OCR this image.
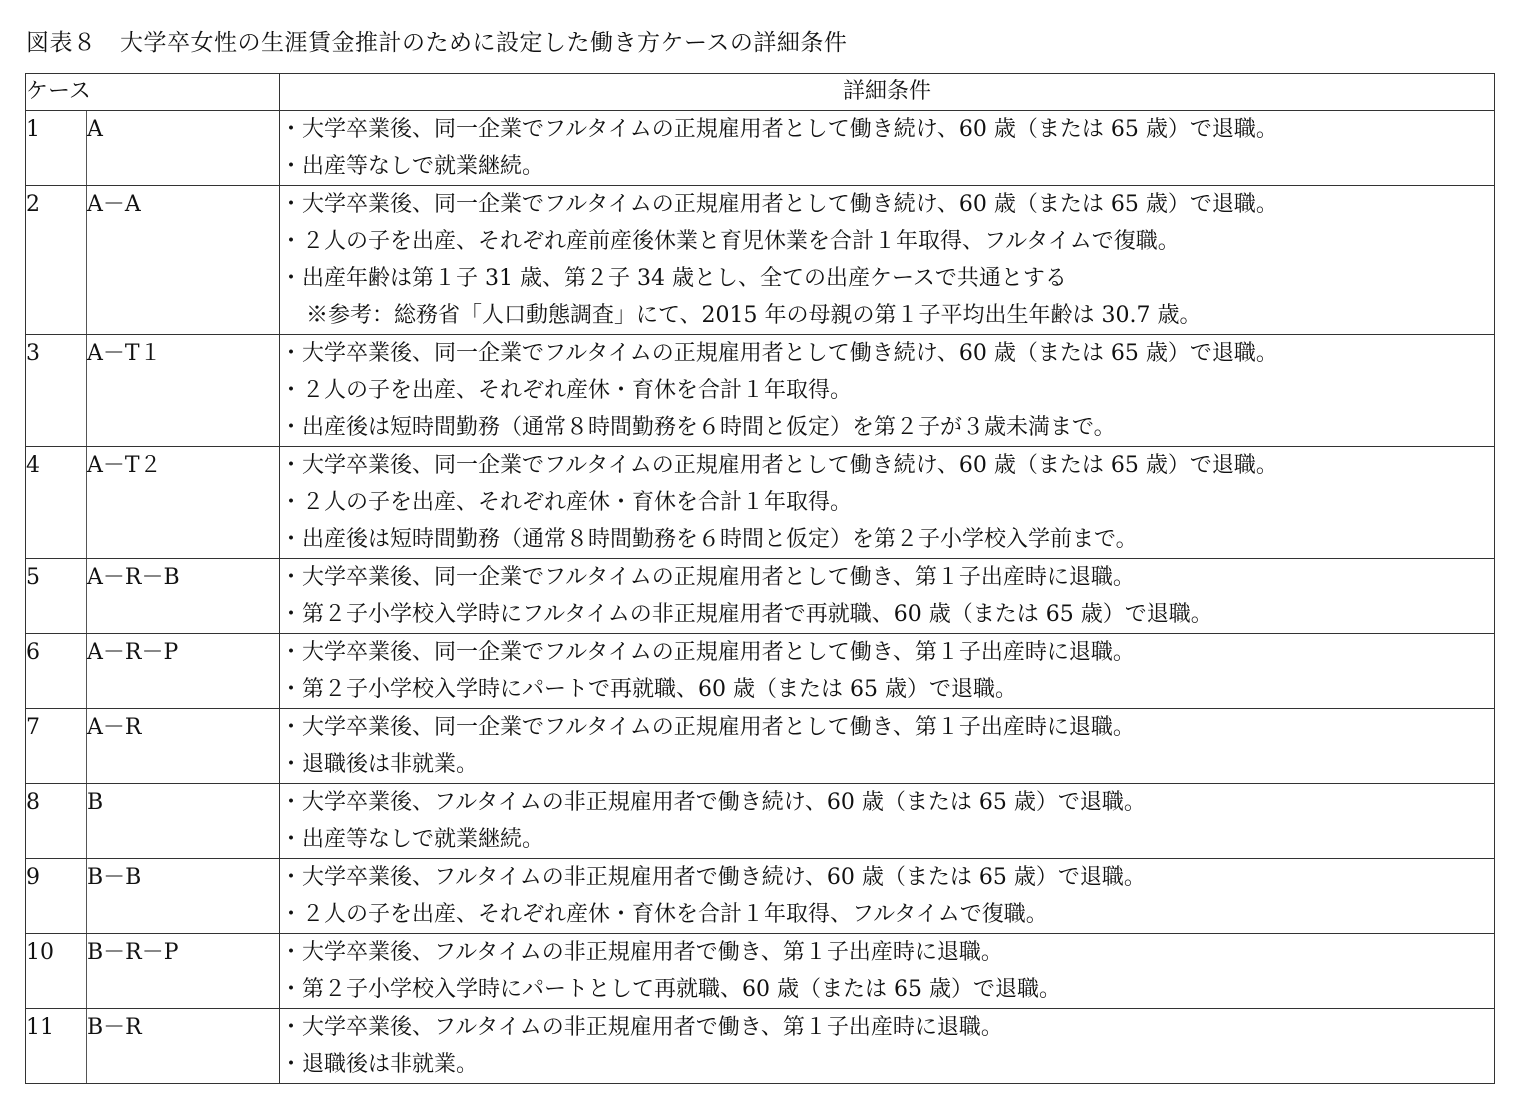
図表８　大学卒女性の生涯賃金推計のために設定した働き方ケースの詳細条件
ケース		詳細条件
1	A	・大学卒業後、同一企業でフルタイムの正規雇用者として働き続け、60 歳（または 65 歳）で退職。
・出産等なしで就業継続。

2	A－A	・大学卒業後、同一企業でフルタイムの正規雇用者として働き続け、60 歳（または 65 歳）で退職。
・２人の子を出産、それぞれ産前産後休業と育児休業を合計１年取得、フルタイムで復職。
・出産年齢は第１子 31 歳、第２子 34 歳とし、全ての出産ケースで共通とする
※参考：総務省「人口動態調査」にて、2015 年の母親の第１子平均出生年齢は 30.7 歳。

3	A－T１	・大学卒業後、同一企業でフルタイムの正規雇用者として働き続け、60 歳（または 65 歳）で退職。
・２人の子を出産、それぞれ産休・育休を合計１年取得。
・出産後は短時間勤務（通常８時間勤務を６時間と仮定）を第２子が３歳未満まで。

4	A－T２	・大学卒業後、同一企業でフルタイムの正規雇用者として働き続け、60 歳（または 65 歳）で退職。
・２人の子を出産、それぞれ産休・育休を合計１年取得。
・出産後は短時間勤務（通常８時間勤務を６時間と仮定）を第２子小学校入学前まで。

5	A－R－B	・大学卒業後、同一企業でフルタイムの正規雇用者として働き、第１子出産時に退職。
・第２子小学校入学時にフルタイムの非正規雇用者で再就職、60 歳（または 65 歳）で退職。

6	A－R－P	・大学卒業後、同一企業でフルタイムの正規雇用者として働き、第１子出産時に退職。
・第２子小学校入学時にパートで再就職、60 歳（または 65 歳）で退職。

7	A－R	・大学卒業後、同一企業でフルタイムの正規雇用者として働き、第１子出産時に退職。
・退職後は非就業。

8	B	・大学卒業後、フルタイムの非正規雇用者で働き続け、60 歳（または 65 歳）で退職。
・出産等なしで就業継続。

9	B－B	・大学卒業後、フルタイムの非正規雇用者で働き続け、60 歳（または 65 歳）で退職。
・２人の子を出産、それぞれ産休・育休を合計１年取得、フルタイムで復職。

10	B－R－P	・大学卒業後、フルタイムの非正規雇用者で働き、第１子出産時に退職。
・第２子小学校入学時にパートとして再就職、60 歳（または 65 歳）で退職。

11	B－R	・大学卒業後、フルタイムの非正規雇用者で働き、第１子出産時に退職。
・退職後は非就業。
